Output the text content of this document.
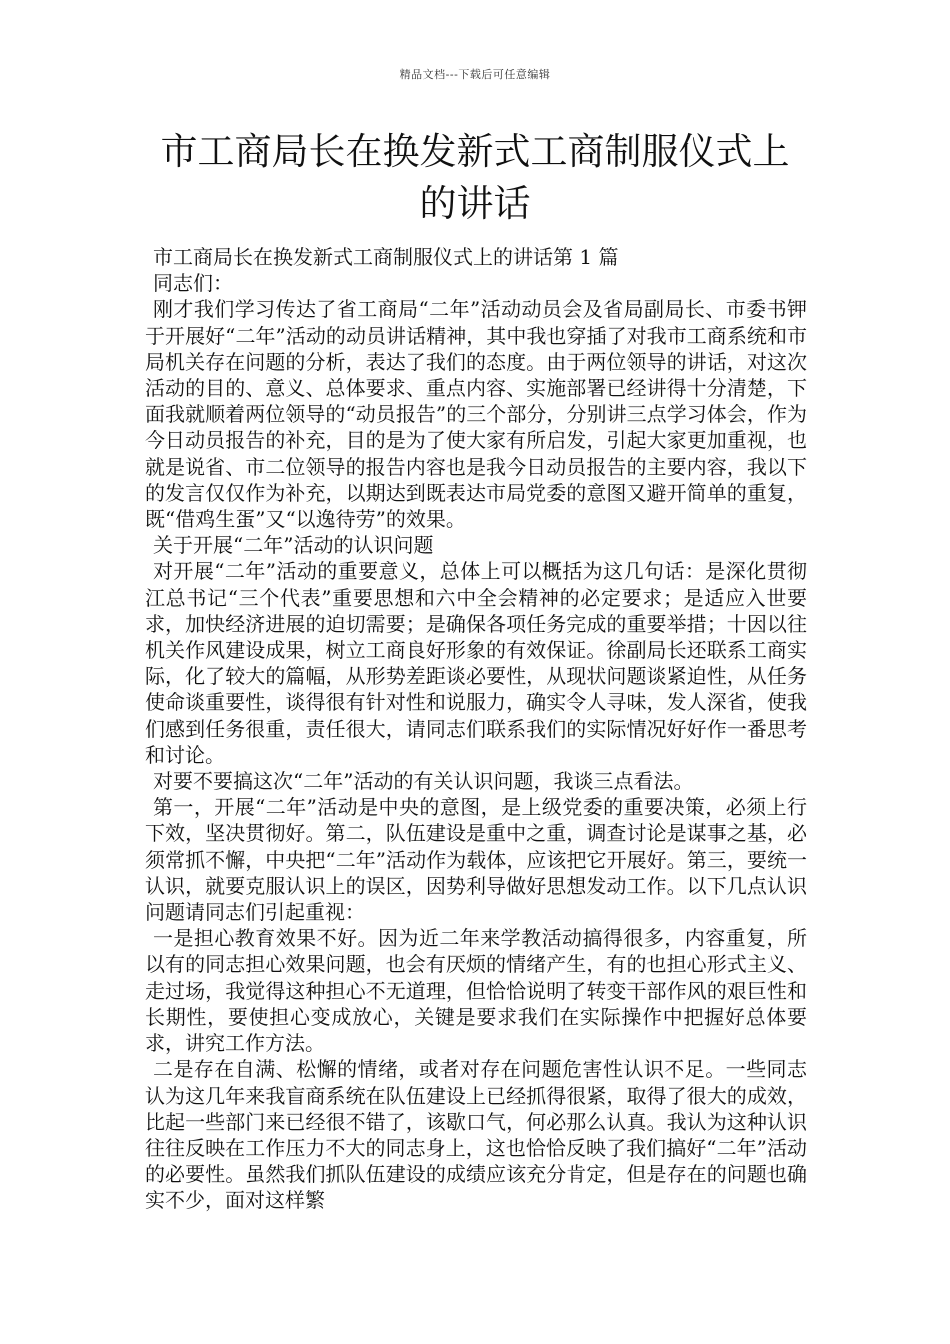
精品文档---下载后可任意编辑
市工商局长在换发新式工商制服仪式上的讲话

市工商局长在换发新式工商制服仪式上的讲话第 1 篇

同志们：

刚才我们学习传达了省工商局“二年”活动动员会及省局副局长、市委书钾于开展好“二年”活动的动员讲话精神，其中我也穿插了对我市工商系统和市局机关存在问题的分析，表达了我们的态度。由于两位领导的讲话，对这次活动的目的、意义、总体要求、重点内容、实施部署已经讲得十分清楚，下面我就顺着两位领导的“动员报告”的三个部分，分别讲三点学习体会，作为今日动员报告的补充，目的是为了使大家有所启发，引起大家更加重视，也就是说省、市二位领导的报告内容也是我今日动员报告的主要内容，我以下的发言仅仅作为补充，以期达到既表达市局党委的意图又避开简单的重复，既“借鸡生蛋”又“以逸待劳”的效果。

关于开展“二年”活动的认识问题

对开展“二年”活动的重要意义，总体上可以概括为这几句话：是深化贯彻江总书记“三个代表”重要思想和六中全会精神的必定要求；是适应入世要求，加快经济进展的迫切需要；是确保各项任务完成的重要举措；十因以往机关作风建设成果，树立工商良好形象的有效保证。徐副局长还联系工商实际，化了较大的篇幅，从形势差距谈必要性，从现状问题谈紧迫性，从任务使命谈重要性，谈得很有针对性和说服力，确实令人寻味，发人深省，使我们感到任务很重，责任很大，请同志们联系我们的实际情况好好作一番思考和讨论。

对要不要搞这次“二年”活动的有关认识问题，我谈三点看法。

第一，开展“二年”活动是中央的意图，是上级党委的重要决策，必须上行下效，坚决贯彻好。第二，队伍建设是重中之重，调查讨论是谋事之基，必须常抓不懈，中央把“二年”活动作为载体，应该把它开展好。第三，要统一认识，就要克服认识上的误区，因势利导做好思想发动工作。以下几点认识问题请同志们引起重视：

一是担心教育效果不好。因为近二年来学教活动搞得很多，内容重复，所以有的同志担心效果问题，也会有厌烦的情绪产生，有的也担心形式主义、走过场，我觉得这种担心不无道理，但恰恰说明了转变干部作风的艰巨性和长期性，要使担心变成放心，关键是要求我们在实际操作中把握好总体要求，讲究工作方法。

二是存在自满、松懈的情绪，或者对存在问题危害性认识不足。一些同志认为这几年来我盲商系统在队伍建设上已经抓得很紧，取得了很大的成效，比起一些部门来已经很不错了，该歇口气，何必那么认真。我认为这种认识往往反映在工作压力不大的同志身上，这也恰恰反映了我们搞好“二年”活动的必要性。虽然我们抓队伍建设的成绩应该充分肯定，但是存在的问题也确实不少，面对这样繁
